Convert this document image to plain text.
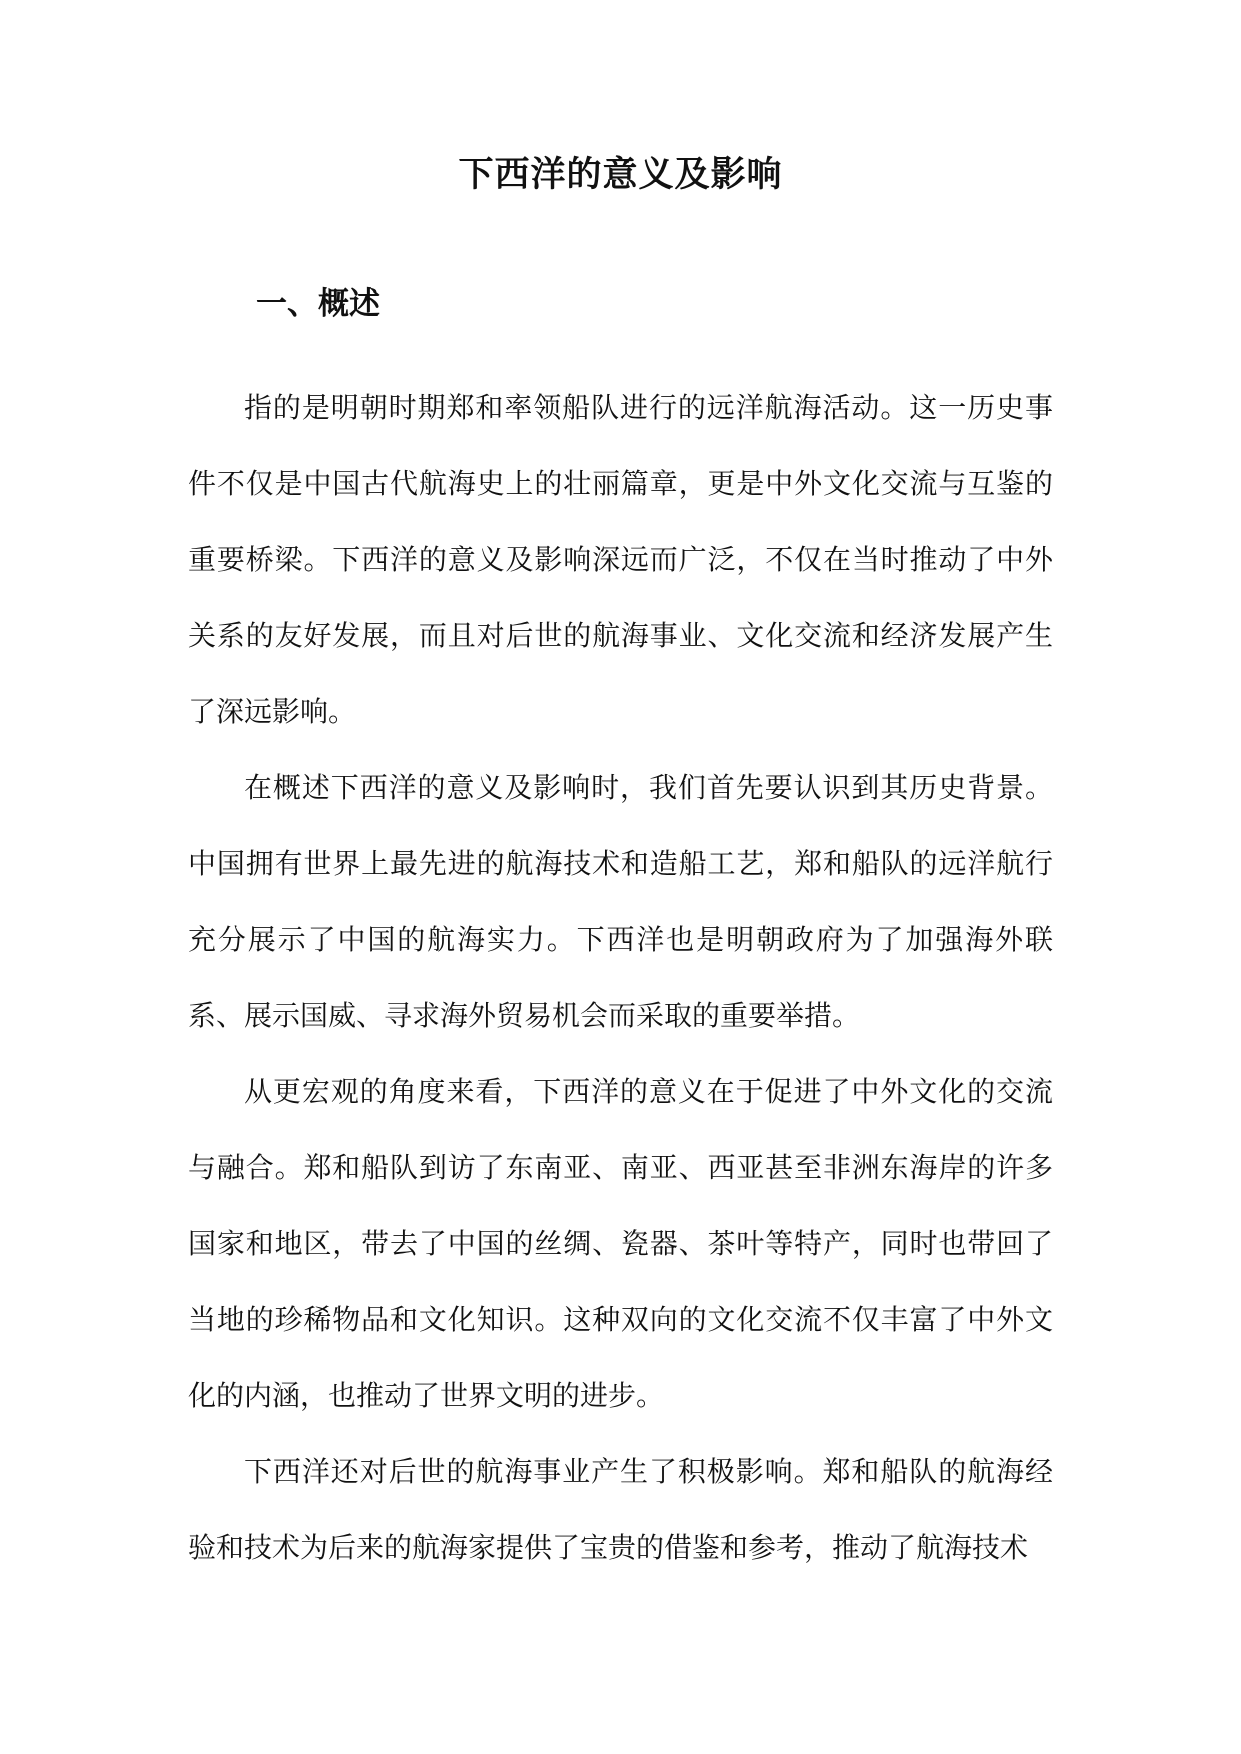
下西洋的意义及影响
一、概述

指的是明朝时期郑和率领船队进行的远洋航海活动。这一历史事件不仅是中国古代航海史上的壮丽篇章，更是中外文化交流与互鉴的重要桥梁。下西洋的意义及影响深远而广泛，不仅在当时推动了中外关系的友好发展，而且对后世的航海事业、文化交流和经济发展产生了深远影响。

在概述下西洋的意义及影响时，我们首先要认识到其历史背景。中国拥有世界上最先进的航海技术和造船工艺，郑和船队的远洋航行充分展示了中国的航海实力。下西洋也是明朝政府为了加强海外联系、展示国威、寻求海外贸易机会而采取的重要举措。

从更宏观的角度来看，下西洋的意义在于促进了中外文化的交流与融合。郑和船队到访了东南亚、南亚、西亚甚至非洲东海岸的许多国家和地区，带去了中国的丝绸、瓷器、茶叶等特产，同时也带回了当地的珍稀物品和文化知识。这种双向的文化交流不仅丰富了中外文化的内涵，也推动了世界文明的进步。

下西洋还对后世的航海事业产生了积极影响。郑和船队的航海经验和技术为后来的航海家提供了宝贵的借鉴和参考，推动了航海技术
